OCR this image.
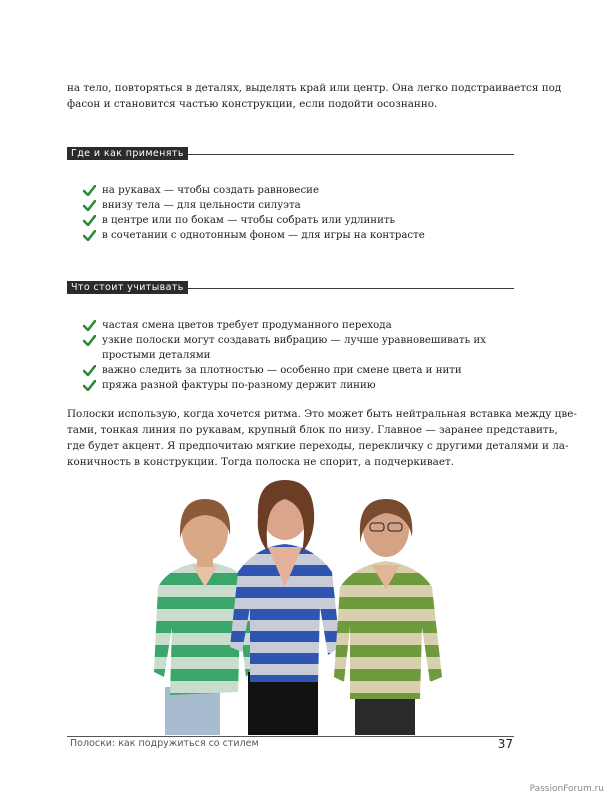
на тело, повторяться в деталях, выделять край или центр. Она легко подстраивается под
фасон и становится частью конструкции, если подойти осознанно.

Где и как применять
на рукавах — чтобы создать равновесие
внизу тела — для цельности силуэта
в центре или по бокам — чтобы собрать или удлинить
в сочетании с однотонным фоном — для игры на контрасте
Что стоит учитывать
частая смена цветов требует продуманного перехода
узкие полоски могут создавать вибрацию — лучше уравновешивать их простыми деталями
важно следить за плотностью — особенно при смене цвета и нити
пряжа разной фактуры по-разному держит линию

Полоски использую, когда хочется ритма. Это может быть нейтральная вставка между цве-
тами, тонкая линия по рукавам, крупный блок по низу. Главное — заранее представить,
где будет акцент. Я предпочитаю мягкие переходы, перекличку с другими деталями и ла-
коничность в конструкции. Тогда полоска не спорит, а подчеркивает.

Полоски: как подружиться со стилем	37
PassionForum.ru
